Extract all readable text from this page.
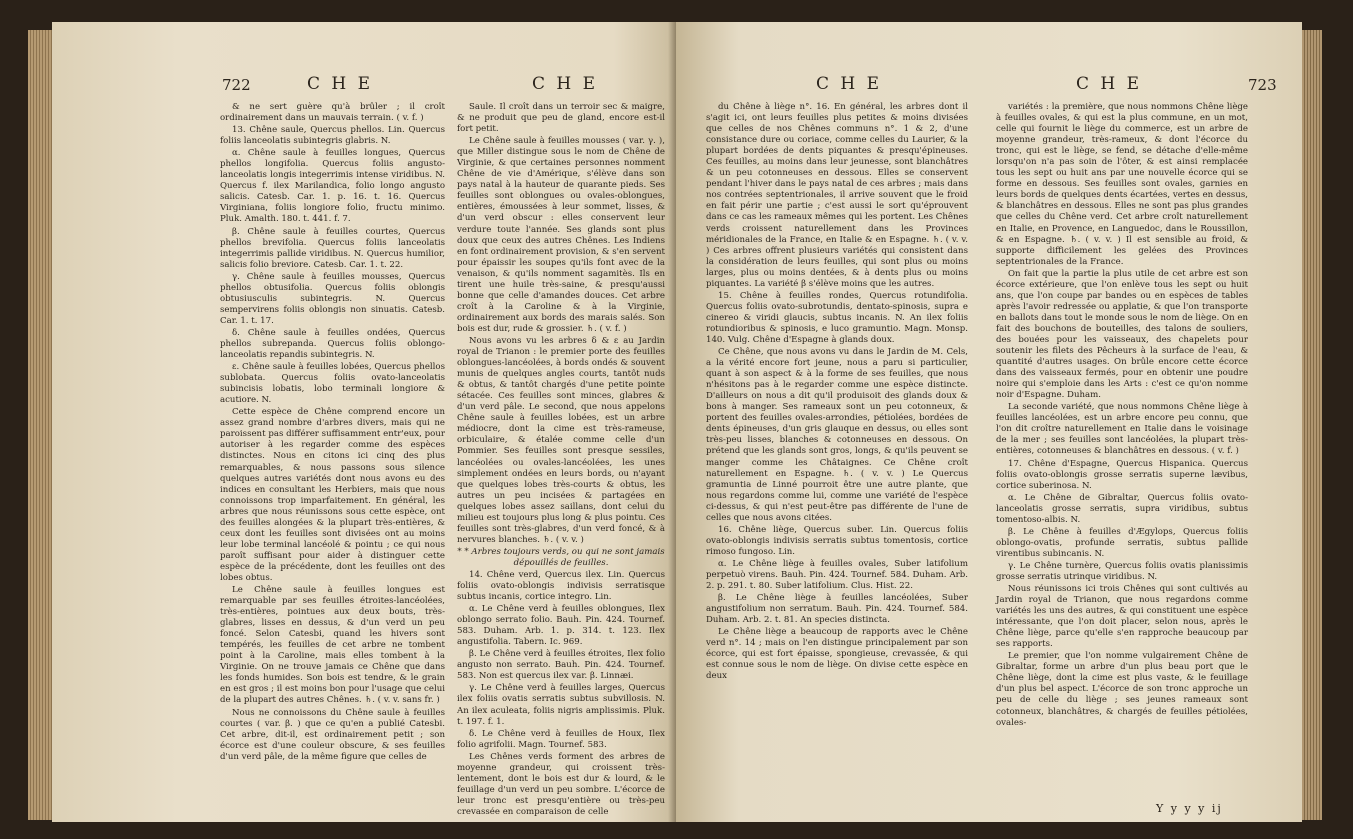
722	C H E	C H E

& ne sert guère qu'à brûler ; il croît ordinairement dans un mauvais terrain. ( v. f. )

13. Chêne saule, Quercus phellos. Lin. Quercus foliis lanceolatis subintegris glabris. N.

α. Chêne saule à feuilles longues, Quercus phellos longifolia. Quercus foliis angusto-lanceolatis longis integerrimis intense viridibus. N. Quercus f. ilex Marilandica, folio longo angusto salicis. Catesb. Car. 1. p. 16. t. 16. Quercus Virginiana, foliis longiore folio, fructu minimo. Pluk. Amalth. 180. t. 441. f. 7.

β. Chêne saule à feuilles courtes, Quercus phellos brevifolia. Quercus foliis lanceolatis integerrimis pallide viridibus. N. Quercus humilior, salicis folio breviore. Catesb. Car. 1. t. 22.

γ. Chêne saule à feuilles mousses, Quercus phellos obtusifolia. Quercus foliis oblongis obtusiusculis subintegris. N. Quercus sempervirens foliis oblongis non sinuatis. Catesb. Car. 1. t. 17.

δ. Chêne saule à feuilles ondées, Quercus phellos subrepanda. Quercus foliis oblongo-lanceolatis repandis subintegris. N.

ε. Chêne saule à feuilles lobées, Quercus phellos sublobata. Quercus foliis ovato-lanceolatis subincisis lobatis, lobo terminali longiore & acutiore. N.

Cette espèce de Chêne comprend encore un assez grand nombre d'arbres divers, mais qui ne paroissent pas différer suffisamment entr'eux, pour autoriser à les regarder comme des espèces distinctes. Nous en citons ici cinq des plus remarquables, & nous passons sous silence quelques autres variétés dont nous avons eu des indices en consultant les Herbiers, mais que nous connoissons trop imparfaitement. En général, les arbres que nous réunissons sous cette espèce, ont des feuilles alongées & la plupart très-entières, & ceux dont les feuilles sont divisées ont au moins leur lobe terminal lancéolé & pointu ; ce qui nous paroît suffisant pour aider à distinguer cette espèce de la précédente, dont les feuilles ont des lobes obtus.

Le Chêne saule à feuilles longues est remarquable par ses feuilles étroites-lancéolées, très-entières, pointues aux deux bouts, très-glabres, lisses en dessus, & d'un verd un peu foncé. Selon Catesbi, quand les hivers sont tempérés, les feuilles de cet arbre ne tombent point à la Caroline, mais elles tombent à la Virginie. On ne trouve jamais ce Chêne que dans les fonds humides. Son bois est tendre, & le grain en est gros ; il est moins bon pour l'usage que celui de la plupart des autres Chênes. ♄. ( v. v. sans fr. )

Nous ne connoissons du Chêne saule à feuilles courtes ( var. β. ) que ce qu'en a publié Catesbi. Cet arbre, dit-il, est ordinairement petit ; son écorce est d'une couleur obscure, & ses feuilles d'un verd pâle, de la même figure que celles de

Saule. Il croît dans un terroir sec & maigre, & ne produit que peu de gland, encore est-il fort petit.

Le Chêne saule à feuilles mousses ( var. γ. ), que Miller distingue sous le nom de Chêne de Virginie, & que certaines personnes nomment Chêne de vie d'Amérique, s'élève dans son pays natal à la hauteur de quarante pieds. Ses feuilles sont oblongues ou ovales-oblongues, entières, émoussées à leur sommet, lisses, & d'un verd obscur : elles conservent leur verdure toute l'année. Ses glands sont plus doux que ceux des autres Chênes. Les Indiens en font ordinairement provision, & s'en servent pour épaissir les soupes qu'ils font avec de la venaison, & qu'ils nomment sagamitès. Ils en tirent une huile très-saine, & presqu'aussi bonne que celle d'amandes douces. Cet arbre croît à la Caroline & à la Virginie, ordinairement aux bords des marais salés. Son bois est dur, rude & grossier. ♄. ( v. f. )

Nous avons vu les arbres δ & ε au Jardin royal de Trianon : le premier porte des feuilles oblongues-lancéolées, à bords ondés & souvent munis de quelques angles courts, tantôt nuds & obtus, & tantôt chargés d'une petite pointe sétacée. Ces feuilles sont minces, glabres & d'un verd pâle. Le second, que nous appelons Chêne saule à feuilles lobées, est un arbre médiocre, dont la cime est très-rameuse, orbiculaire, & étalée comme celle d'un Pommier. Ses feuilles sont presque sessiles, lancéolées ou ovales-lancéolées, les unes simplement ondées en leurs bords, ou n'ayant que quelques lobes très-courts & obtus, les autres un peu incisées & partagées en quelques lobes assez saillans, dont celui du milieu est toujours plus long & plus pointu. Ces feuilles sont très-glabres, d'un verd foncé, & à nervures blanches. ♄. ( v. v. )

* * Arbres toujours verds, ou qui ne sont jamais dépouillés de feuilles.

14. Chêne verd, Quercus ilex. Lin. Quercus foliis ovato-oblongis indivisis serratisque subtus incanis, cortice integro. Lin.

α. Le Chêne verd à feuilles oblongues, Ilex oblongo serrato folio. Bauh. Pin. 424. Tournef. 583. Duham. Arb. 1. p. 314. t. 123. Ilex angustifolia. Tabern. Ic. 969.

β. Le Chêne verd à feuilles étroites, Ilex folio angusto non serrato. Bauh. Pin. 424. Tournef. 583. Non est quercus ilex var. β. Linnæi.

γ. Le Chêne verd à feuilles larges, Quercus ilex foliis ovatis serratis subtus subvillosis. N. An ilex aculeata, foliis nigris amplissimis. Pluk. t. 197. f. 1.

δ. Le Chêne verd à feuilles de Houx, Ilex folio agrifolii. Magn. Tournef. 583.

Les Chênes verds forment des arbres de moyenne grandeur, qui croissent très-lentement, dont le bois est dur & lourd, & le feuillage d'un verd un peu sombre. L'écorce de leur tronc est presqu'entière ou très-peu crevassée en comparaison de celle

C H E	C H E	723

du Chêne à liège n°. 16. En général, les arbres dont il s'agit ici, ont leurs feuilles plus petites & moins divisées que celles de nos Chênes communs n°. 1 & 2, d'une consistance dure ou coriace, comme celles du Laurier, & la plupart bordées de dents piquantes & presqu'épineuses. Ces feuilles, au moins dans leur jeunesse, sont blanchâtres & un peu cotonneuses en dessous. Elles se conservent pendant l'hiver dans le pays natal de ces arbres ; mais dans nos contrées septentrionales, il arrive souvent que le froid en fait périr une partie ; c'est aussi le sort qu'éprouvent dans ce cas les rameaux mêmes qui les portent. Les Chênes verds croissent naturellement dans les Provinces méridionales de la France, en Italie & en Espagne. ♄. ( v. v. ) Ces arbres offrent plusieurs variétés qui consistent dans la considération de leurs feuilles, qui sont plus ou moins larges, plus ou moins dentées, & à dents plus ou moins piquantes. La variété β s'élève moins que les autres.

15. Chêne à feuilles rondes, Quercus rotundifolia. Quercus foliis ovato-subrotundis, dentato-spinosis, supra e cinereo & viridi glaucis, subtus incanis. N. An ilex foliis rotundioribus & spinosis, e luco gramuntio. Magn. Monsp. 140. Vulg. Chêne d'Espagne à glands doux.

Ce Chêne, que nous avons vu dans le Jardin de M. Cels, a la vérité encore fort jeune, nous a paru si particulier, quant à son aspect & à la forme de ses feuilles, que nous n'hésitons pas à le regarder comme une espèce distincte. D'ailleurs on nous a dit qu'il produisoit des glands doux & bons à manger. Ses rameaux sont un peu cotonneux, & portent des feuilles ovales-arrondies, pétiolées, bordées de dents épineuses, d'un gris glauque en dessus, ou elles sont très-peu lisses, blanches & cotonneuses en dessous. On prétend que les glands sont gros, longs, & qu'ils peuvent se manger comme les Châtaignes. Ce Chêne croît naturellement en Espagne. ♄. ( v. v. ) Le Quercus gramuntia de Linné pourroit être une autre plante, que nous regardons comme lui, comme une variété de l'espèce ci-dessus, & qui n'est peut-être pas différente de l'une de celles que nous avons citées.

16. Chêne liège, Quercus suber. Lin. Quercus foliis ovato-oblongis indivisis serratis subtus tomentosis, cortice rimoso fungoso. Lin.

α. Le Chêne liège à feuilles ovales, Suber latifolium perpetuò virens. Bauh. Pin. 424. Tournef. 584. Duham. Arb. 2. p. 291. t. 80. Suber latifolium. Clus. Hist. 22.

β. Le Chêne liège à feuilles lancéolées, Suber angustifolium non serratum. Bauh. Pin. 424. Tournef. 584. Duham. Arb. 2. t. 81. An species distincta.

Le Chêne liège a beaucoup de rapports avec le Chêne verd n°. 14 ; mais on l'en distingue principalement par son écorce, qui est fort épaisse, spongieuse, crevassée, & qui est connue sous le nom de liège. On divise cette espèce en deux

variétés : la première, que nous nommons Chêne liège à feuilles ovales, & qui est la plus commune, en un mot, celle qui fournit le liège du commerce, est un arbre de moyenne grandeur, très-rameux, & dont l'écorce du tronc, qui est le liège, se fend, se détache d'elle-même lorsqu'on n'a pas soin de l'ôter, & est ainsi remplacée tous les sept ou huit ans par une nouvelle écorce qui se forme en dessous. Ses feuilles sont ovales, garnies en leurs bords de quelques dents écartées, vertes en dessus, & blanchâtres en dessous. Elles ne sont pas plus grandes que celles du Chêne verd. Cet arbre croît naturellement en Italie, en Provence, en Languedoc, dans le Roussillon, & en Espagne. ♄. ( v. v. ) Il est sensible au froid, & supporte difficilement les gelées des Provinces septentrionales de la France.

On fait que la partie la plus utile de cet arbre est son écorce extérieure, que l'on enlève tous les sept ou huit ans, que l'on coupe par bandes ou en espèces de tables après l'avoir redressée ou applatie, & que l'on transporte en ballots dans tout le monde sous le nom de liège. On en fait des bouchons de bouteilles, des talons de souliers, des bouées pour les vaisseaux, des chapelets pour soutenir les filets des Pêcheurs à la surface de l'eau, & quantité d'autres usages. On brûle encore cette écorce dans des vaisseaux fermés, pour en obtenir une poudre noire qui s'emploie dans les Arts : c'est ce qu'on nomme noir d'Espagne. Duham.

La seconde variété, que nous nommons Chêne liège à feuilles lancéolées, est un arbre encore peu connu, que l'on dit croître naturellement en Italie dans le voisinage de la mer ; ses feuilles sont lancéolées, la plupart très-entières, cotonneuses & blanchâtres en dessous. ( v. f. )

17. Chêne d'Espagne, Quercus Hispanica. Quercus foliis ovato-oblongis grosse serratis superne lævibus, cortice suberinosa. N.

α. Le Chêne de Gibraltar, Quercus foliis ovato-lanceolatis grosse serratis, supra viridibus, subtus tomentoso-albis. N.

β. Le Chêne à feuilles d'Ægylops, Quercus foliis oblongo-ovatis, profunde serratis, subtus pallide virentibus subincanis. N.

γ. Le Chêne turnère, Quercus foliis ovatis planissimis grosse serratis utrinque viridibus. N.

Nous réunissons ici trois Chênes qui sont cultivés au Jardin royal de Trianon, que nous regardons comme variétés les uns des autres, & qui constituent une espèce intéressante, que l'on doit placer, selon nous, après le Chêne liège, parce qu'elle s'en rapproche beaucoup par ses rapports.

Le premier, que l'on nomme vulgairement Chêne de Gibraltar, forme un arbre d'un plus beau port que le Chêne liège, dont la cime est plus vaste, & le feuillage d'un plus bel aspect. L'écorce de son tronc approche un peu de celle du liège ; ses jeunes rameaux sont cotonneux, blanchâtres, & chargés de feuilles pétiolées, ovales-

Y y y y ij
